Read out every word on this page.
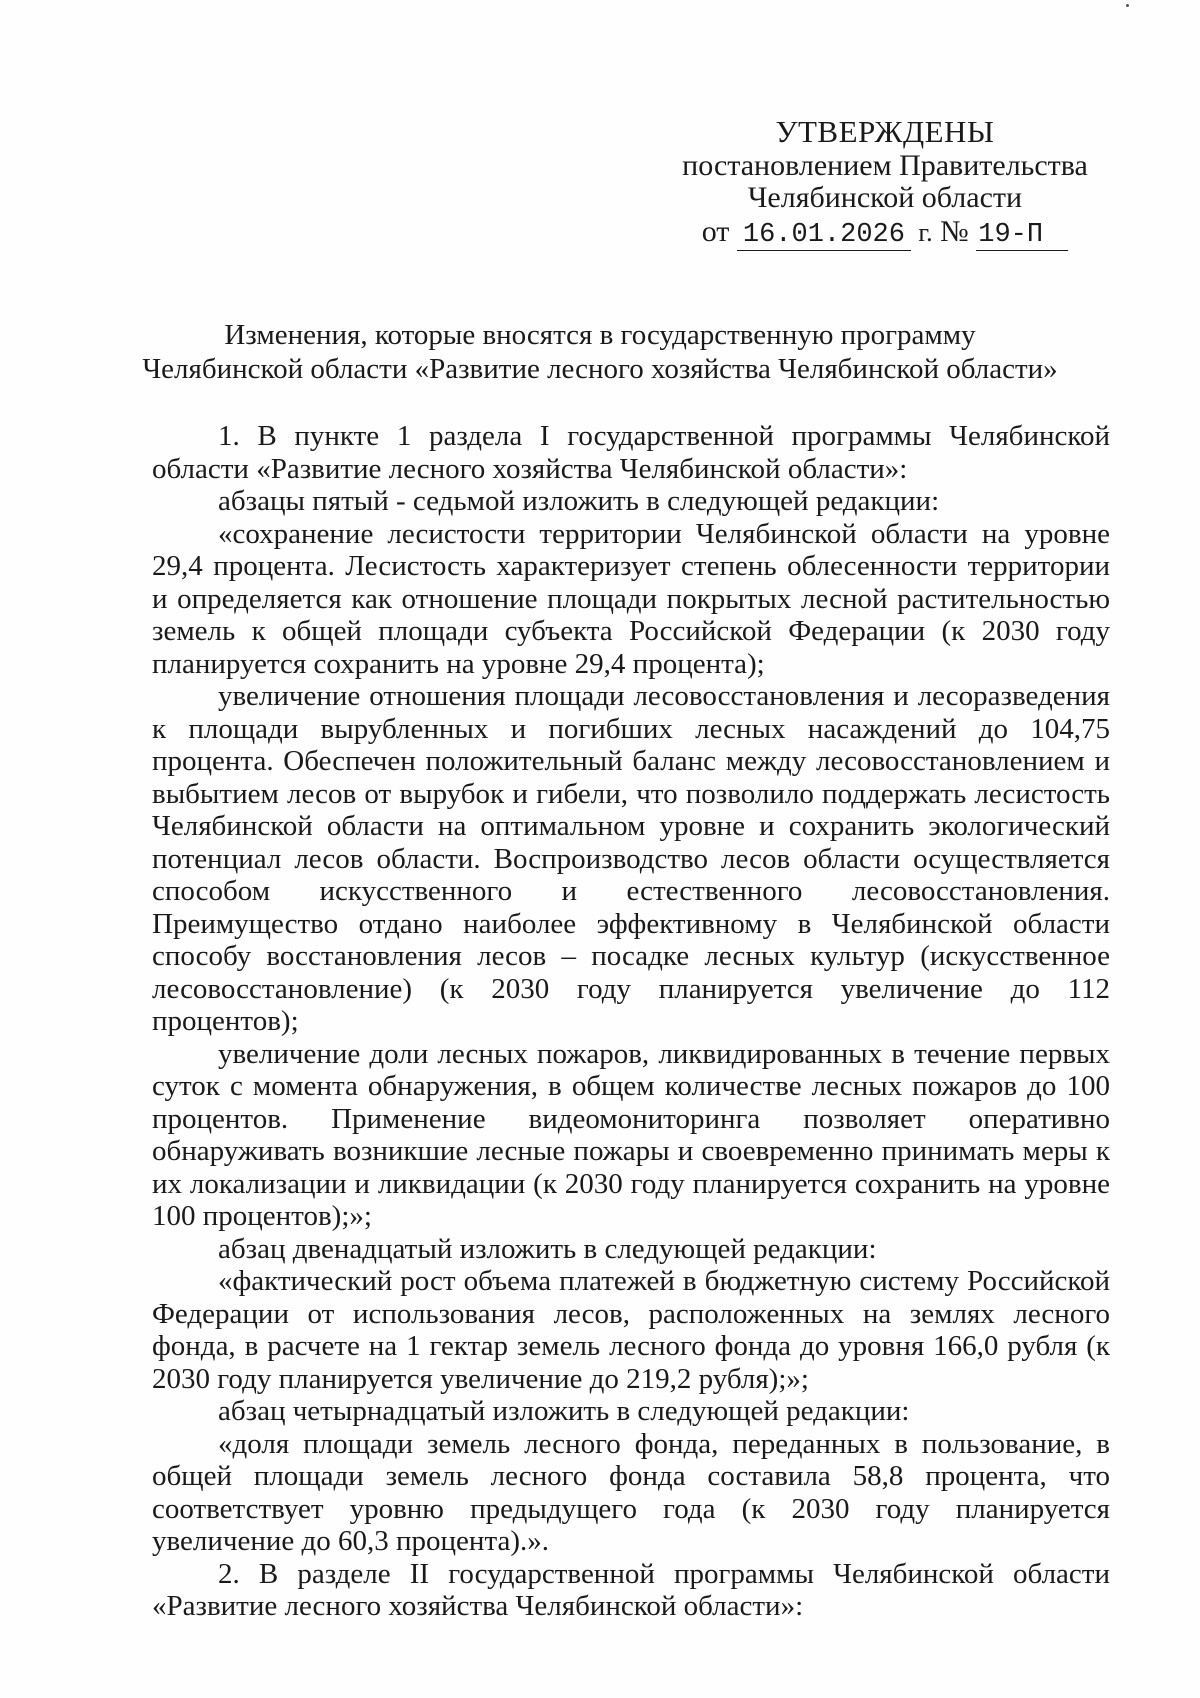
УТВЕРЖДЕНЫ
постановлением Правительства
Челябинской области
от 16.01.2026 г. № 19-П
Изменения, которые вносятся в государственную программу
Челябинской области «Развитие лесного хозяйства Челябинской области»

1. В пункте 1 раздела I государственной программы Челябинской области «Развитие лесного хозяйства Челябинской области»:

абзацы пятый - седьмой изложить в следующей редакции:

«сохранение лесистости территории Челябинской области на уровне 29,4 процента. Лесистость характеризует степень облесенности территории и определяется как отношение площади покрытых лесной растительностью земель к общей площади субъекта Российской Федерации (к 2030 году планируется сохранить на уровне 29,4 процента);

увеличение отношения площади лесовосстановления и лесоразведения к площади вырубленных и погибших лесных насаждений до 104,75 процента. Обеспечен положительный баланс между лесовосстановлением и выбытием лесов от вырубок и гибели, что позволило поддержать лесистость Челябинской области на оптимальном уровне и сохранить экологический потенциал лесов области. Воспроизводство лесов области осуществляется способом искусственного и естественного лесовосстановления. Преимущество отдано наиболее эффективному в Челябинской области способу восстановления лесов – посадке лесных культур (искусственное лесовосстановление) (к 2030 году планируется увеличение до 112 процентов);

увеличение доли лесных пожаров, ликвидированных в течение первых суток с момента обнаружения, в общем количестве лесных пожаров до 100 процентов. Применение видеомониторинга позволяет оперативно обнаруживать возникшие лесные пожары и своевременно принимать меры к их локализации и ликвидации (к 2030 году планируется сохранить на уровне 100 процентов);»;

абзац двенадцатый изложить в следующей редакции:

«фактический рост объема платежей в бюджетную систему Российской Федерации от использования лесов, расположенных на землях лесного фонда, в расчете на 1 гектар земель лесного фонда до уровня 166,0 рубля (к 2030 году планируется увеличение до 219,2 рубля);»;

абзац четырнадцатый изложить в следующей редакции:

«доля площади земель лесного фонда, переданных в пользование, в общей площади земель лесного фонда составила 58,8 процента, что соответствует уровню предыдущего года (к 2030 году планируется увеличение до 60,3 процента).».

2. В разделе II государственной программы Челябинской области «Развитие лесного хозяйства Челябинской области»:
